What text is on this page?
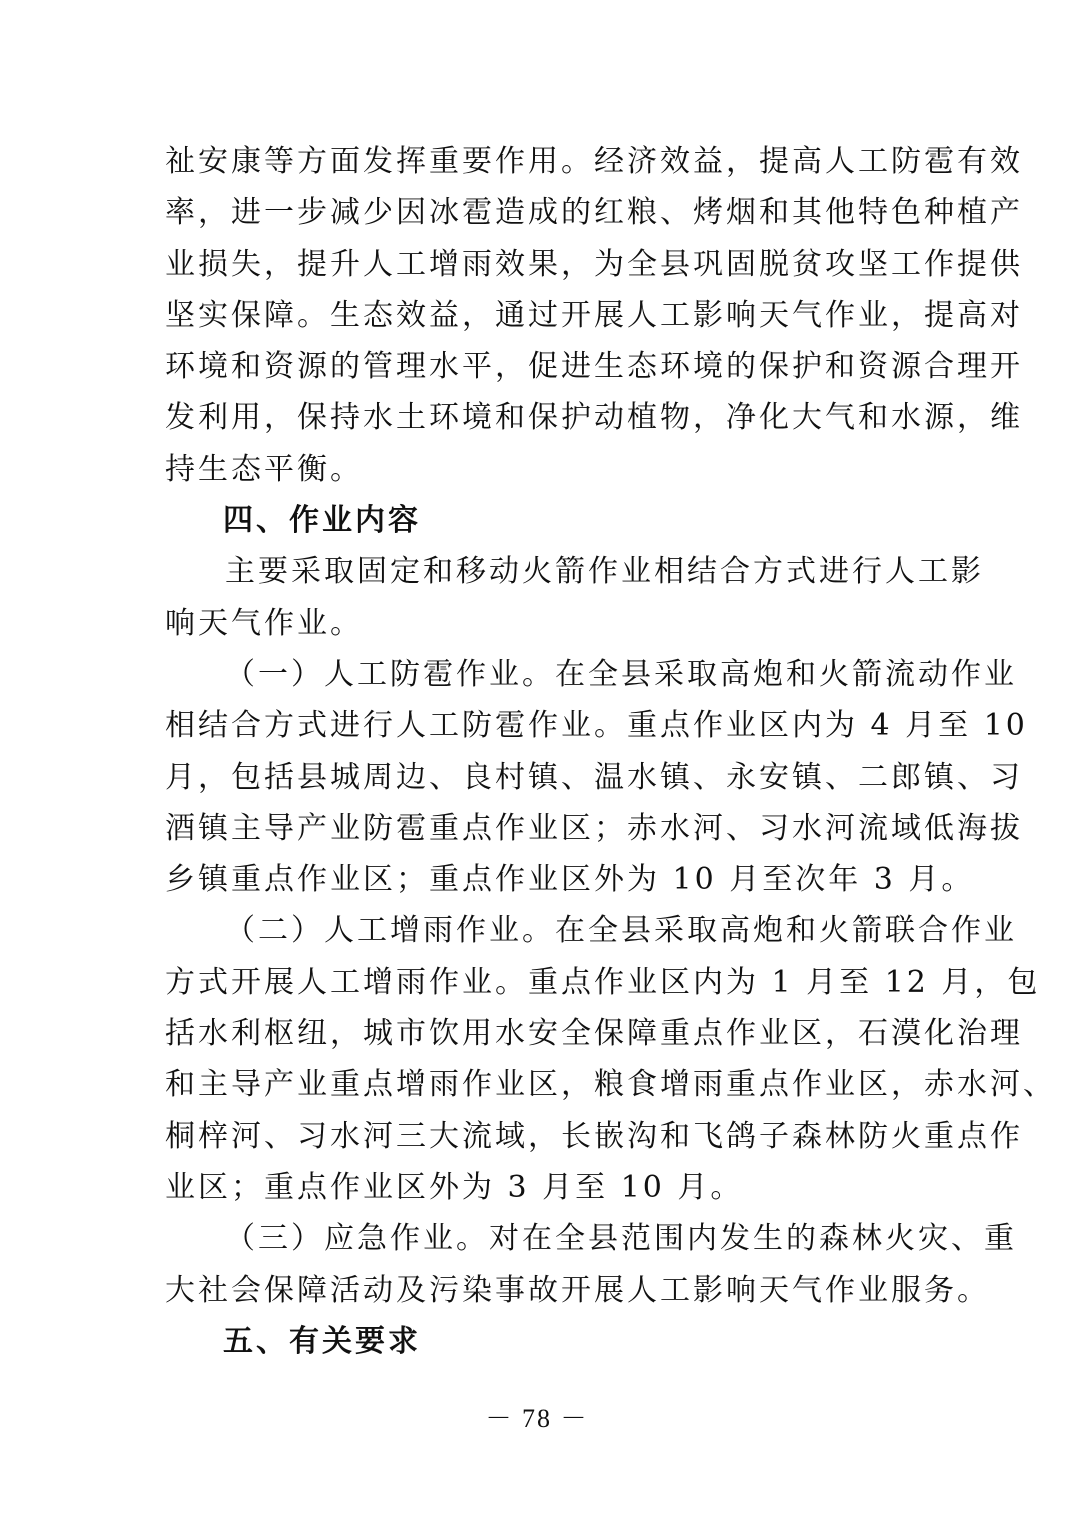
祉安康等方面发挥重要作用。经济效益，提高人工防雹有效
率，进一步减少因冰雹造成的红粮、烤烟和其他特色种植产
业损失，提升人工增雨效果，为全县巩固脱贫攻坚工作提供
坚实保障。生态效益，通过开展人工影响天气作业，提高对
环境和资源的管理水平，促进生态环境的保护和资源合理开
发利用，保持水土环境和保护动植物，净化大气和水源，维
持生态平衡。
四、作业内容
主要采取固定和移动火箭作业相结合方式进行人工影
响天气作业。
（一）人工防雹作业。在全县采取高炮和火箭流动作业
相结合方式进行人工防雹作业。重点作业区内为 4 月至 10
月，包括县城周边、良村镇、温水镇、永安镇、二郎镇、习
酒镇主导产业防雹重点作业区；赤水河、习水河流域低海拔
乡镇重点作业区；重点作业区外为 10 月至次年 3 月。
（二）人工增雨作业。在全县采取高炮和火箭联合作业
方式开展人工增雨作业。重点作业区内为 1 月至 12 月，包
括水利枢纽，城市饮用水安全保障重点作业区，石漠化治理
和主导产业重点增雨作业区，粮食增雨重点作业区，赤水河、
桐梓河、习水河三大流域，长嵌沟和飞鸽子森林防火重点作
业区；重点作业区外为 3 月至 10 月。
（三）应急作业。对在全县范围内发生的森林火灾、重
大社会保障活动及污染事故开展人工影响天气作业服务。
五、有关要求
－ 78 －
